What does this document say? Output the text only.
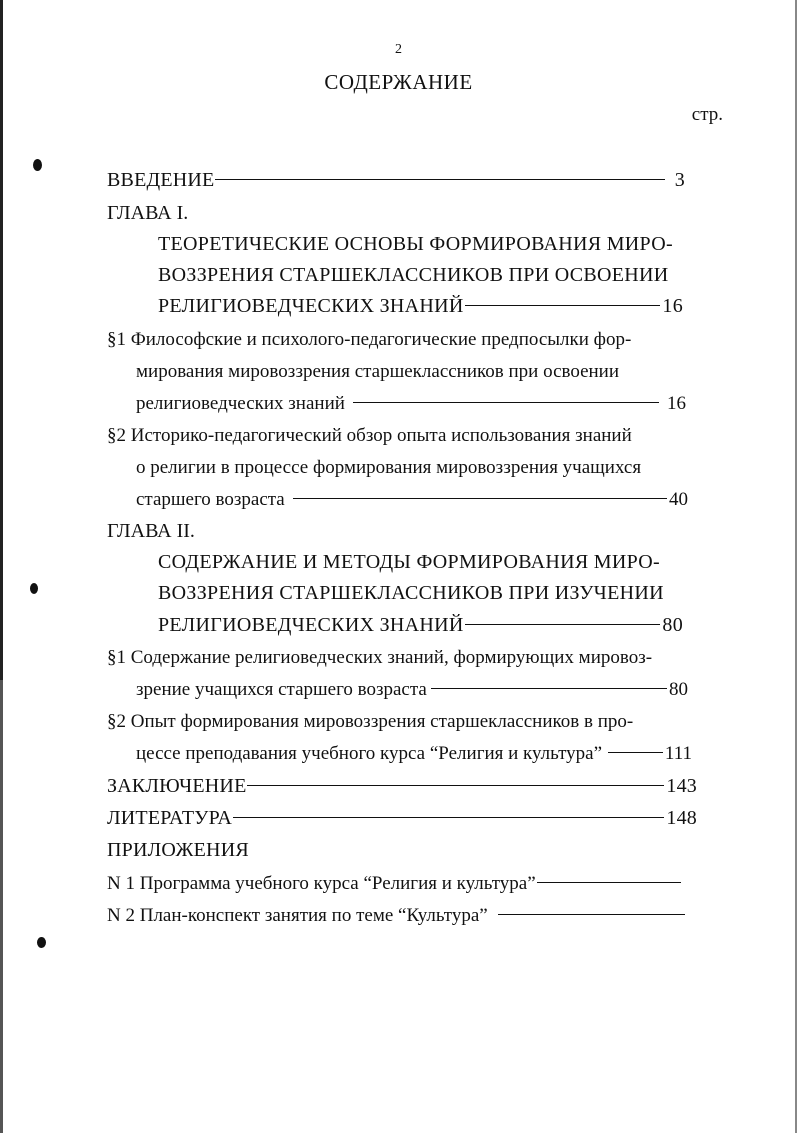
2
СОДЕРЖАНИЕ
стр.
ВВЕДЕНИЕ	3
ГЛАВА I.
ТЕОРЕТИЧЕСКИЕ ОСНОВЫ ФОРМИРОВАНИЯ МИРО-
ВОЗЗРЕНИЯ СТАРШЕКЛАССНИКОВ ПРИ ОСВОЕНИИ
РЕЛИГИОВЕДЧЕСКИХ ЗНАНИЙ	16
§1 Философские и психолого-педагогические предпосылки фор-
мирования мировоззрения старшеклассников при освоении
религиоведческих знаний	16
§2 Историко-педагогический обзор опыта использования знаний
о религии в процессе формирования мировоззрения учащихся
старшего возраста	40
ГЛАВА II.
СОДЕРЖАНИЕ И МЕТОДЫ ФОРМИРОВАНИЯ МИРО-
ВОЗЗРЕНИЯ СТАРШЕКЛАССНИКОВ ПРИ ИЗУЧЕНИИ
РЕЛИГИОВЕДЧЕСКИХ ЗНАНИЙ	80
§1 Содержание религиоведческих знаний, формирующих мировоз-
зрение учащихся старшего возраста	80
§2 Опыт формирования мировоззрения старшеклассников в про-
цессе преподавания учебного курса “Религия и культура”	111
ЗАКЛЮЧЕНИЕ	143
ЛИТЕРАТУРА	148
ПРИЛОЖЕНИЯ
N 1 Программа учебного курса “Религия и культура”
N 2 План-конспект занятия по теме “Культура”
